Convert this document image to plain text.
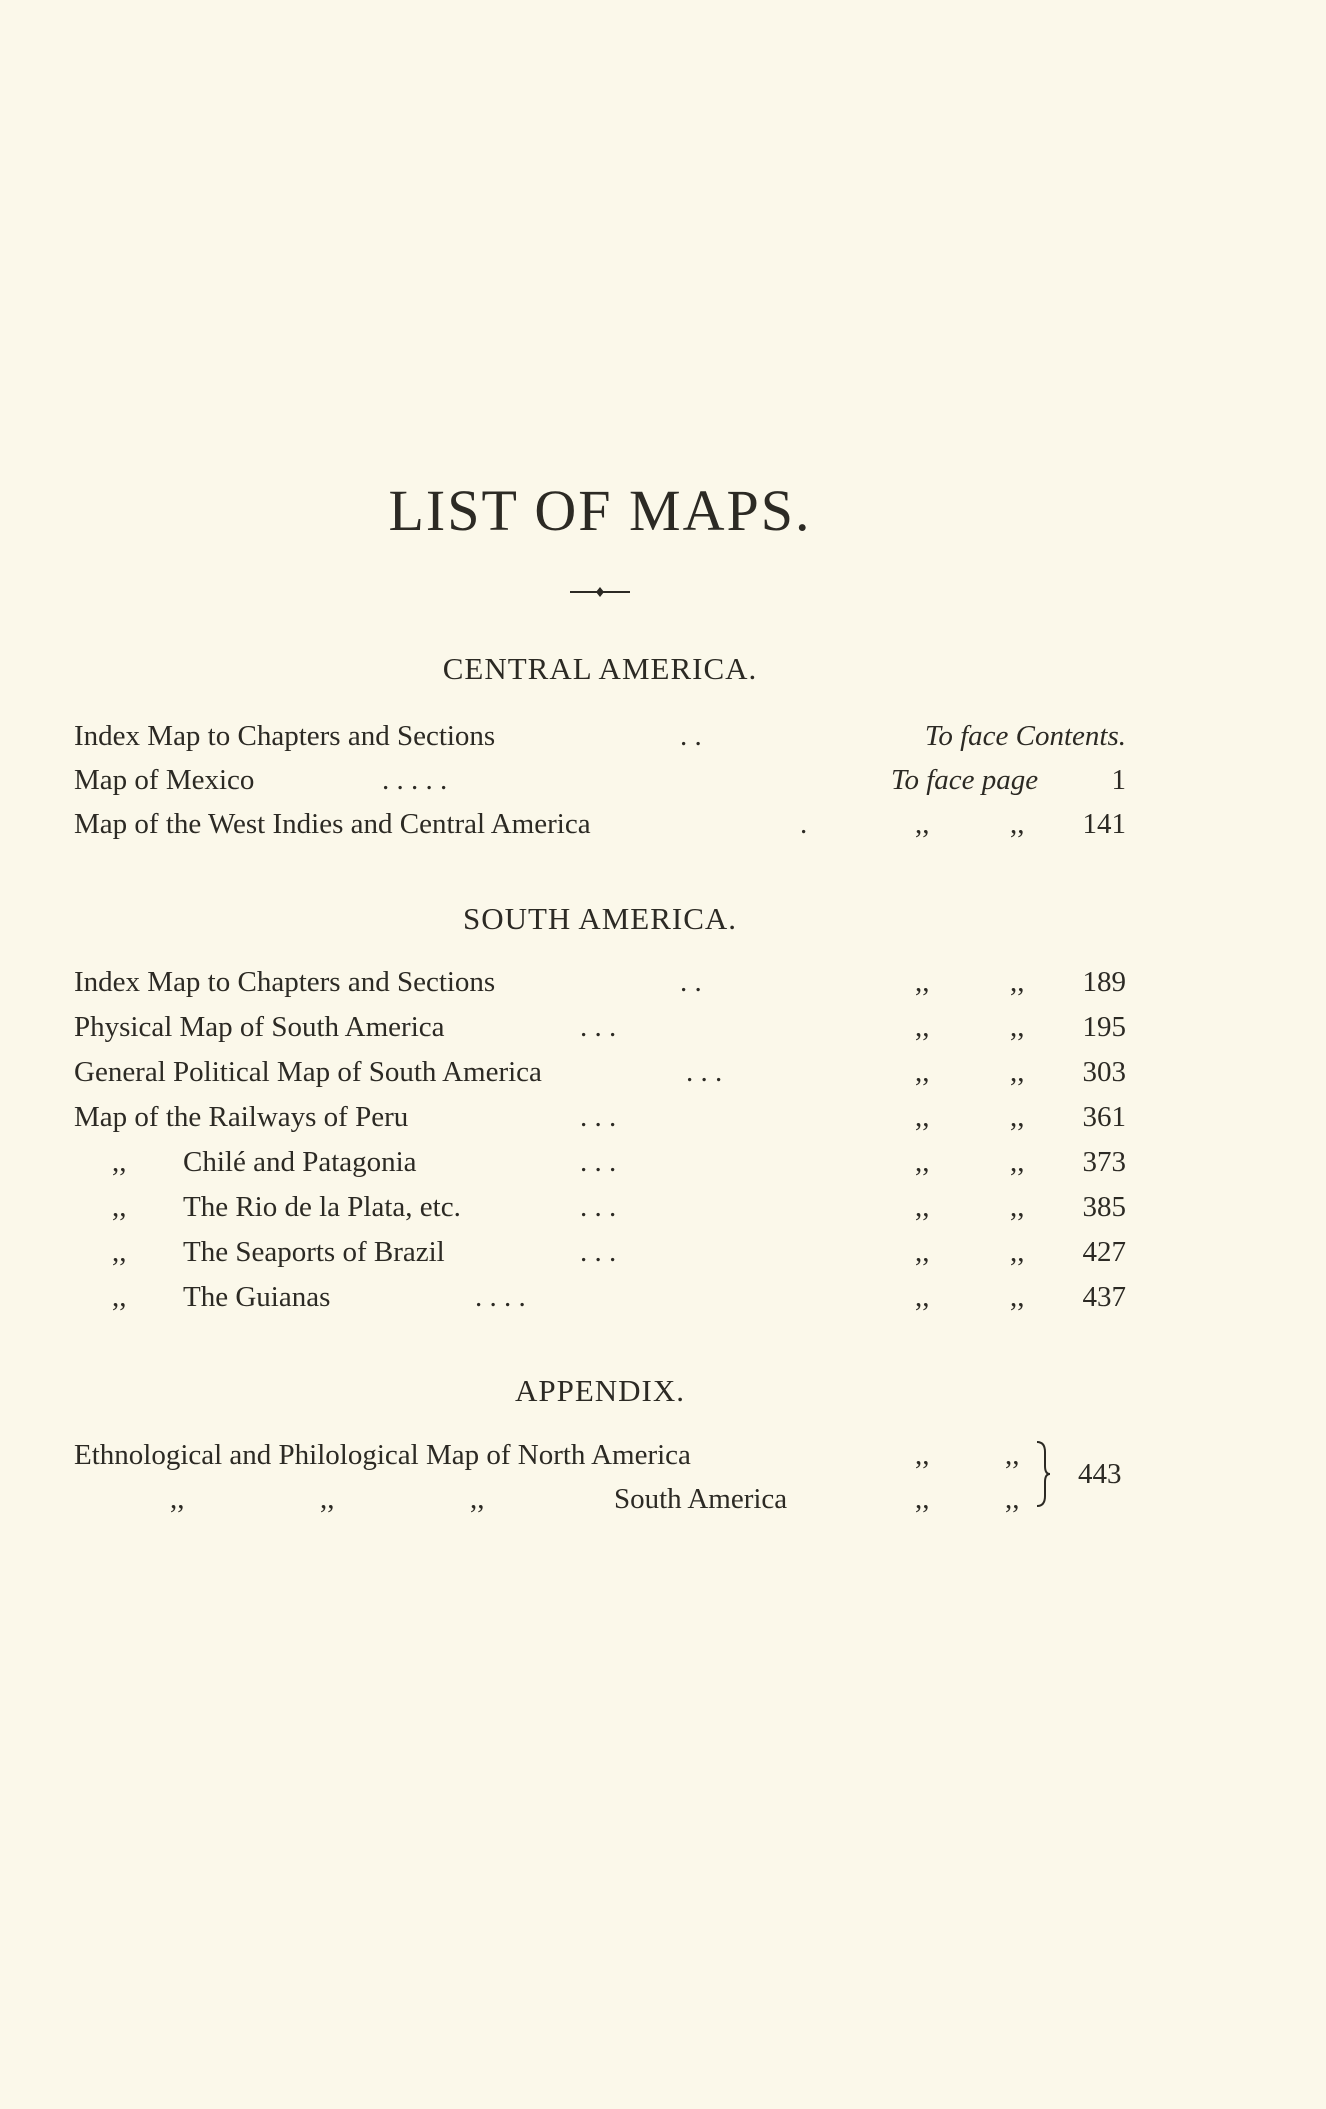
LIST OF MAPS.
CENTRAL AMERICA.
Index Map to Chapters and Sections	. .	To face Contents.
Map of Mexico	. . . . .	To face page	1
Map of the West Indies and Central America	.	,,	,, 141
SOUTH AMERICA.
Index Map to Chapters and Sections	. .	,,	,, 189
Physical Map of South America	. . .	,,	,, 195
General Political Map of South America	. . .	,,	,, 303
Map of the Railways of Peru	. . .	,,	,, 361
,, Chilé and Patagonia	. . .	,,	,, 373
,, The Rio de la Plata, etc.	. . .	,,	,, 385
,, The Seaports of Brazil	. . .	,,	,, 427
,, The Guianas	. . . .	,,	,, 437
APPENDIX.
Ethnological and Philological Map of North America	,,	,,
,,	,,	,,	South America	,,	,,
443
